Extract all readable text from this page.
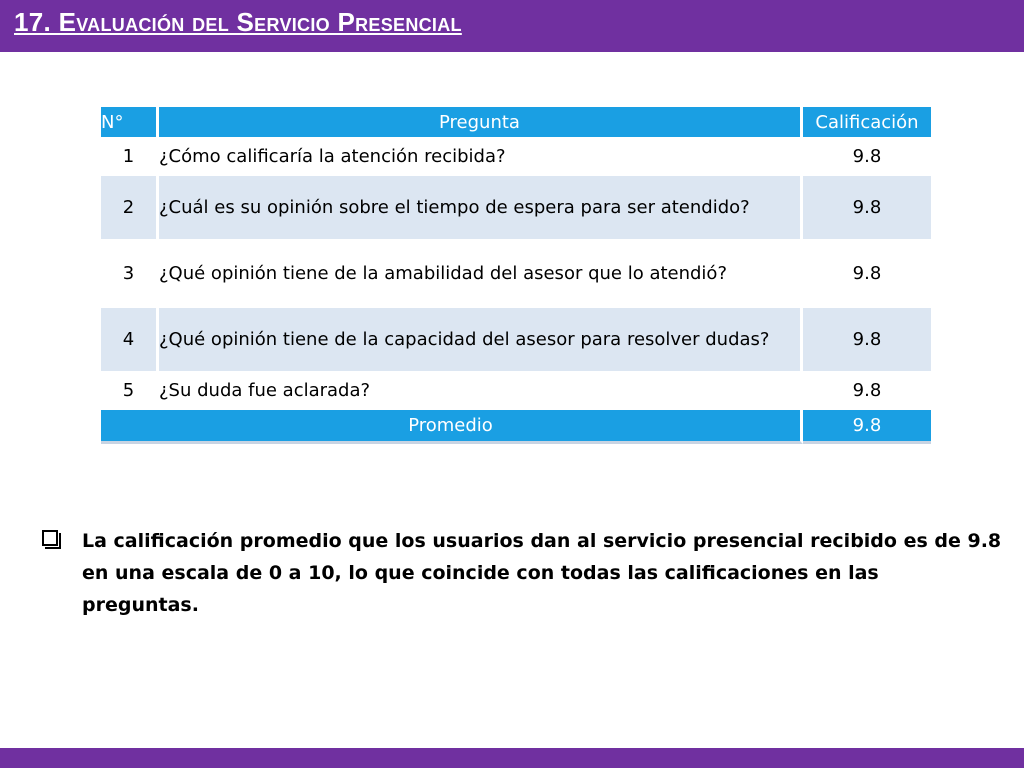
17. Evaluación del Servicio Presencial
N°	Pregunta	Calificación
1	¿Cómo calificaría la atención recibida?	9.8
2	¿Cuál es su opinión sobre el tiempo de espera para ser atendido?	9.8
3	¿Qué opinión tiene de la amabilidad del asesor que lo atendió?	9.8
4	¿Qué opinión tiene de la capacidad del asesor para resolver dudas?	9.8
5	¿Su duda fue aclarada?	9.8
Promedio		9.8
La calificación promedio que los usuarios dan al servicio presencial recibido es de 9.8 en una escala de 0 a 10, lo que coincide con todas las calificaciones en las preguntas.
